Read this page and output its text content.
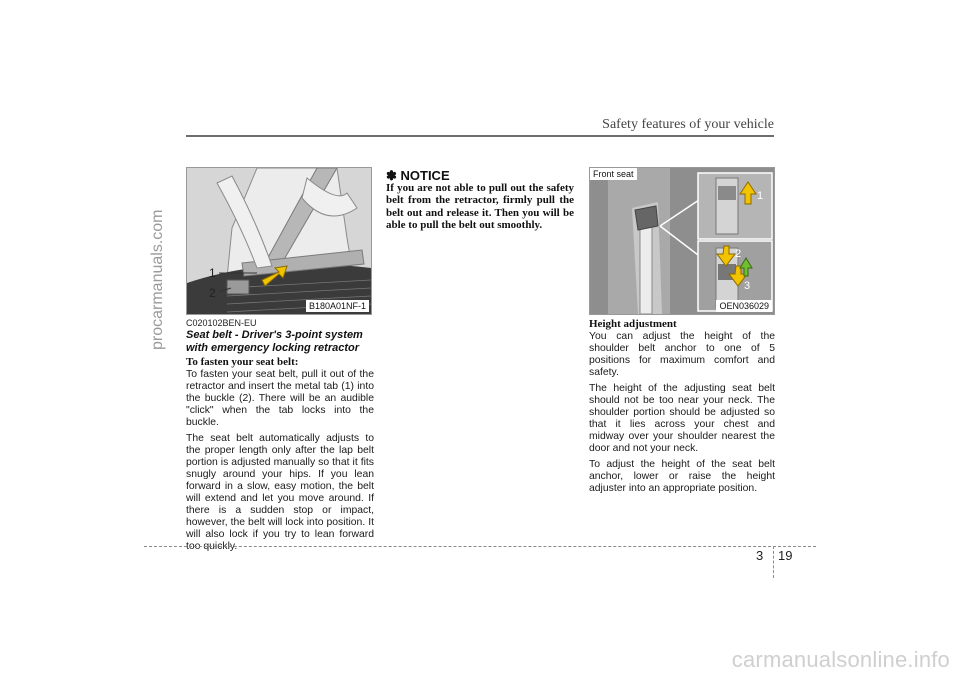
Safety features of your vehicle
procarmanuals.com	1
2
B180A01NF-1
C020102BEN-EU
Seat belt - Driver's 3-point system
with emergency locking retractor
To fasten your seat belt:

To fasten your seat belt, pull it out of the retractor and insert the metal tab (1) into the buckle (2). There will be an audible "click" when the tab locks into the buckle.

The seat belt automatically adjusts to the proper length only after the lap belt portion is adjusted manually so that it fits snugly around your hips. If you lean forward in a slow, easy motion, the belt will extend and let you move around. If there is a sudden stop or impact, however, the belt will lock into position. It will also lock if you try to lean forward too quickly.

✽ NOTICE
If you are not able to pull out the safety belt from the retractor, firmly pull the belt out and release it. Then you will be able to pull the belt out smoothly.
Front seat
1
2
3
OEN036029
Height adjustment

You can adjust the height of the shoulder belt anchor to one of 5 positions for maximum comfort and safety.

The height of the adjusting seat belt should not be too near your neck. The shoulder portion should be adjusted so that it lies across your chest and midway over your shoulder nearest the door and not your neck.

To adjust the height of the seat belt anchor, lower or raise the height adjuster into an appropriate position.

3 19
carmanualsonline.info
